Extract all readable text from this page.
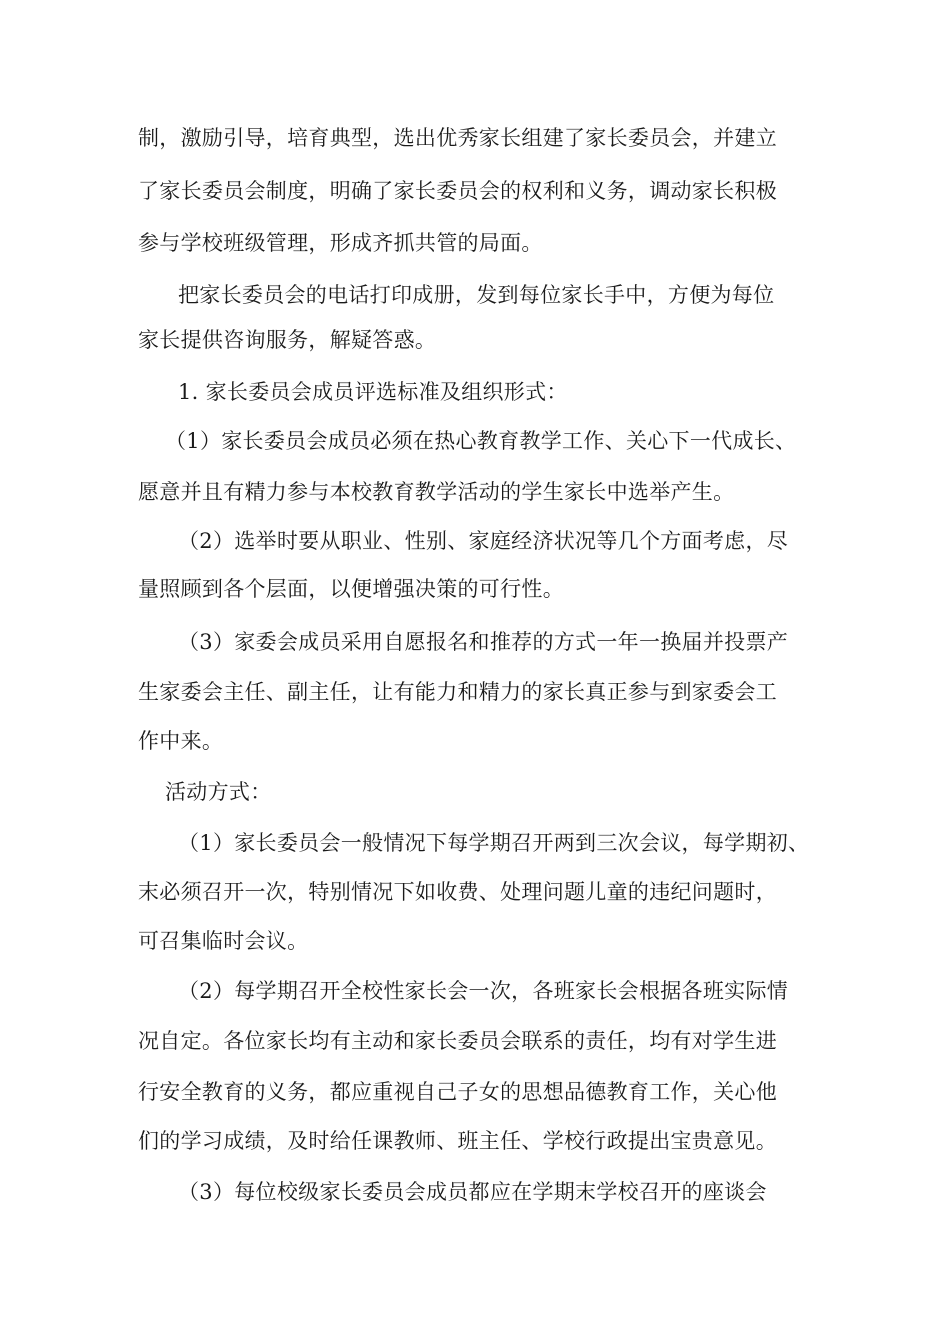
制，激励引导，培育典型，选出优秀家长组建了家长委员会，并建立
了家长委员会制度，明确了家长委员会的权利和义务，调动家长积极
参与学校班级管理，形成齐抓共管的局面。
把家长委员会的电话打印成册，发到每位家长手中，方便为每位
家长提供咨询服务，解疑答惑。
1. 家长委员会成员评选标准及组织形式：
（1）家长委员会成员必须在热心教育教学工作、关心下一代成长、
愿意并且有精力参与本校教育教学活动的学生家长中选举产生。
（2）选举时要从职业、性别、家庭经济状况等几个方面考虑，尽
量照顾到各个层面，以便增强决策的可行性。
（3）家委会成员采用自愿报名和推荐的方式一年一换届并投票产
生家委会主任、副主任，让有能力和精力的家长真正参与到家委会工
作中来。
活动方式：
（1）家长委员会一般情况下每学期召开两到三次会议，每学期初、
末必须召开一次，特别情况下如收费、处理问题儿童的违纪问题时，
可召集临时会议。
（2）每学期召开全校性家长会一次，各班家长会根据各班实际情
况自定。各位家长均有主动和家长委员会联系的责任，均有对学生进
行安全教育的义务，都应重视自己子女的思想品德教育工作，关心他
们的学习成绩，及时给任课教师、班主任、学校行政提出宝贵意见。
（3）每位校级家长委员会成员都应在学期末学校召开的座谈会
